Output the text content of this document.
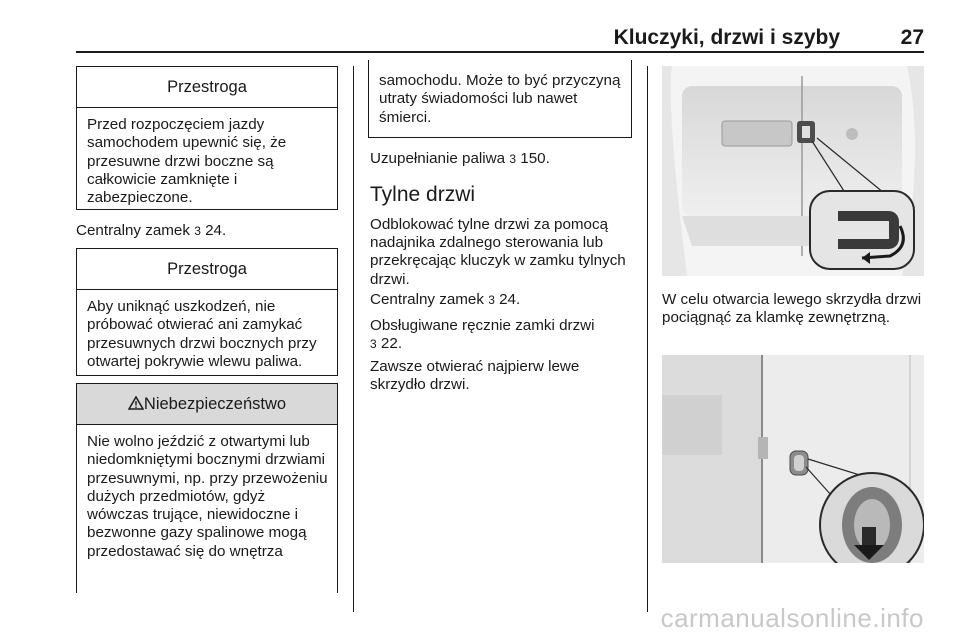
Kluczyki, drzwi i szyby	27
Przestroga
Przed rozpoczęciem jazdy samochodem upewnić się, że przesuwne drzwi boczne są całkowicie zamknięte i zabezpieczone.
Centralny zamek 3 24.
Przestroga
Aby uniknąć uszkodzeń, nie próbować otwierać ani zamykać przesuwnych drzwi bocznych przy otwartej pokrywie wlewu paliwa.
Niebezpieczeństwo
Nie wolno jeździć z otwartymi lub niedomkniętymi bocznymi drzwiami przesuwnymi, np. przy przewożeniu dużych przedmiotów, gdyż wówczas trujące, niewidoczne i bezwonne gazy spalinowe mogą przedostawać się do wnętrza
samochodu. Może to być przyczyną utraty świadomości lub nawet śmierci.
Uzupełnianie paliwa 3 150.
Tylne drzwi
Odblokować tylne drzwi za pomocą nadajnika zdalnego sterowania lub przekręcając kluczyk w zamku tylnych drzwi.
Centralny zamek 3 24.
Obsługiwane ręcznie zamki drzwi
3 22.
Zawsze otwierać najpierw lewe skrzydło drzwi.
W celu otwarcia lewego skrzydła drzwi pociągnąć za klamkę zewnętrzną.
carmanualsonline.info
